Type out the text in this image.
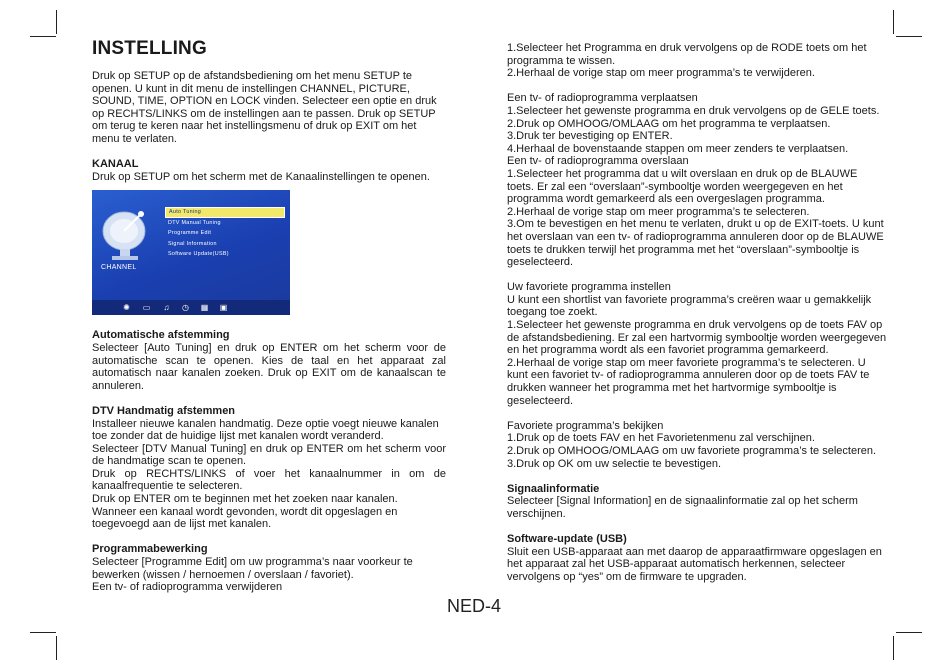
INSTELLING

Druk op SETUP op de afstandsbediening om het menu SETUP te openen. U kunt in dit menu de instellingen CHANNEL, PICTURE, SOUND, TIME, OPTION en LOCK vinden. Selecteer een optie en druk op RECHTS/LINKS om de instellingen aan te passen. Druk op SETUP om terug te keren naar het instellingsmenu of druk op EXIT om het menu te verlaten.

KANAAL

Druk op SETUP om het scherm met de Kanaalinstellingen te openen.

Auto Tuning
DTV Manual Tuning
Programme Edit
Signal Information
Software Update(USB)
CHANNEL
✺ ▭ ♫ ◷ ▦ ▣
Automatische afstemming

Selecteer [Auto Tuning] en druk op ENTER om het scherm voor de automatische scan te openen. Kies de taal en het apparaat zal automatisch naar kanalen zoeken. Druk op EXIT om de kanaalscan te annuleren.

DTV Handmatig afstemmen

Installeer nieuwe kanalen handmatig. Deze optie voegt nieuwe kanalen toe zonder dat de huidige lijst met kanalen wordt veranderd.

Selecteer [DTV Manual Tuning] en druk op ENTER om het scherm voor de handmatige scan te openen.

Druk op RECHTS/LINKS of voer het kanaalnummer in om de kanaalfrequentie te selecteren.

Druk op ENTER om te beginnen met het zoeken naar kanalen.

Wanneer een kanaal wordt gevonden, wordt dit opgeslagen en toegevoegd aan de lijst met kanalen.

Programmabewerking

Selecteer [Programme Edit] om uw programma’s naar voorkeur te bewerken (wissen / hernoemen / overslaan / favoriet).

Een tv- of radioprogramma verwijderen

1.Selecteer het Programma en druk vervolgens op de RODE toets om het programma te wissen.

2.Herhaal de vorige stap om meer programma’s te verwijderen.

Een tv- of radioprogramma verplaatsen

1.Selecteer het gewenste programma en druk vervolgens op de GELE toets.

2.Druk op OMHOOG/OMLAAG om het programma te verplaatsen.

3.Druk ter bevestiging op ENTER.

4.Herhaal de bovenstaande stappen om meer zenders te verplaatsen.

Een tv- of radioprogramma overslaan

1.Selecteer het programma dat u wilt overslaan en druk op de BLAUWE toets. Er zal een “overslaan”-symbooltje worden weergegeven en het programma wordt gemarkeerd als een overgeslagen programma.

2.Herhaal de vorige stap om meer programma’s te selecteren.

3.Om te bevestigen en het menu te verlaten, drukt u op de EXIT-toets. U kunt het overslaan van een tv- of radioprogramma annuleren door op de BLAUWE toets te drukken terwijl het programma met het “overslaan”-symbooltje is geselecteerd.

Uw favoriete programma instellen

U kunt een shortlist van favoriete programma’s creëren waar u gemakkelijk toegang toe zoekt.

1.Selecteer het gewenste programma en druk vervolgens op de toets FAV op de afstandsbediening. Er zal een hartvormig symbooltje worden weergegeven en het programma wordt als een favoriet programma gemarkeerd.

2.Herhaal de vorige stap om meer favoriete programma’s te selecteren. U kunt een favoriet tv- of radioprogramma annuleren door op de toets FAV te drukken wanneer het programma met het hartvormige symbooltje is geselecteerd.

Favoriete programma’s bekijken

1.Druk op de toets FAV en het Favorietenmenu zal verschijnen.

2.Druk op OMHOOG/OMLAAG om uw favoriete programma’s te selecteren.

3.Druk op OK om uw selectie te bevestigen.

Signaalinformatie

Selecteer [Signal Information] en de signaalinformatie zal op het scherm verschijnen.

Software-update (USB)

Sluit een USB-apparaat aan met daarop de apparaatfirmware opgeslagen en het apparaat zal het USB-apparaat automatisch herkennen, selecteer vervolgens op “yes” om de firmware te upgraden.

NED-4
